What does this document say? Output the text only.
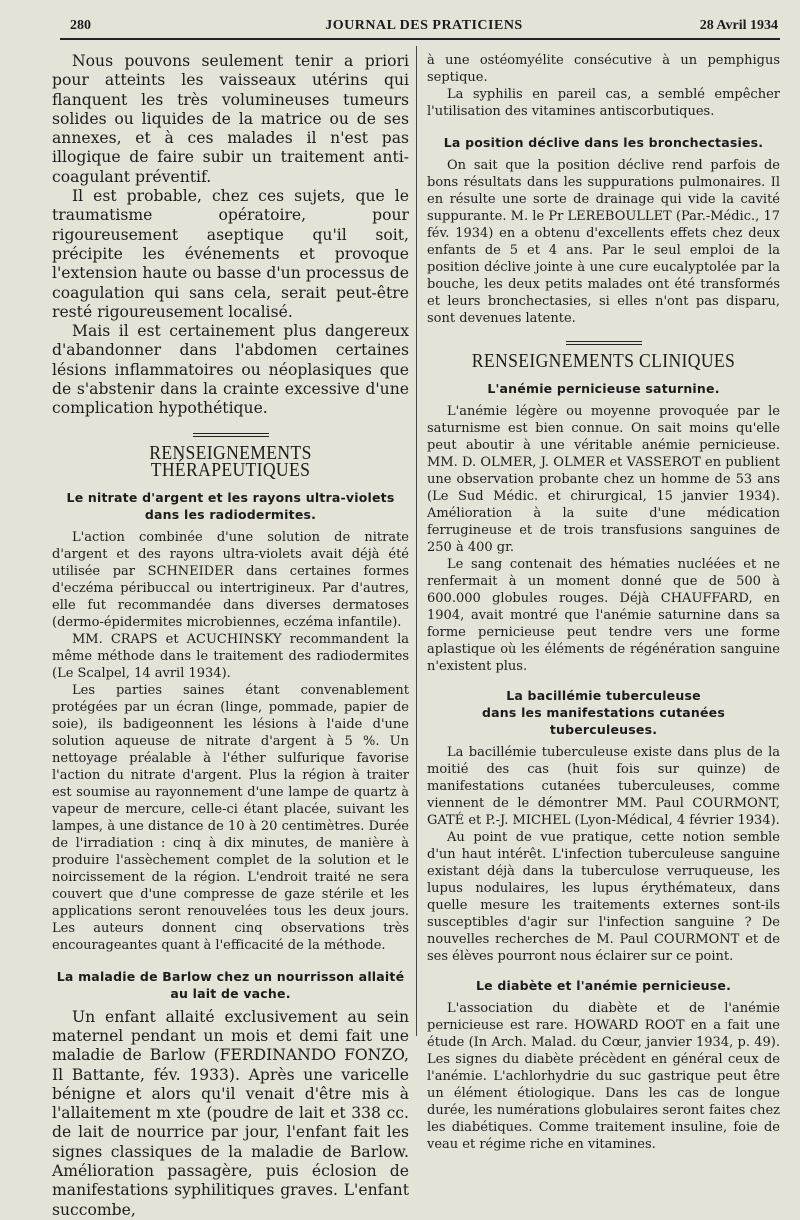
280	JOURNAL DES PRATICIENS	28 Avril 1934

Nous pouvons seulement tenir a priori pour atteints les vaisseaux utérins qui flanquent les très volumineuses tumeurs solides ou liquides de la matrice ou de ses annexes, et à ces malades il n'est pas illogique de faire subir un traitement anti-coagulant préventif.

Il est probable, chez ces sujets, que le traumatisme opératoire, pour rigoureusement aseptique qu'il soit, précipite les événements et provoque l'extension haute ou basse d'un processus de coagulation qui sans cela, serait peut-être resté rigoureusement localisé.

Mais il est certainement plus dangereux d'abandonner dans l'abdomen certaines lésions inflammatoires ou néoplasiques que de s'abstenir dans la crainte excessive d'une complication hypothétique.

RENSEIGNEMENTS THÉRAPEUTIQUES
Le nitrate d'argent et les rayons ultra-violets dans les radiodermites.

L'action combinée d'une solution de nitrate d'argent et des rayons ultra-violets avait déjà été utilisée par SCHNEIDER dans certaines formes d'eczéma péribuccal ou intertrigineux. Par d'autres, elle fut recommandée dans diverses dermatoses (dermo-épidermites microbiennes, eczéma infantile).

MM. CRAPS et ACUCHINSKY recommandent la même méthode dans le traitement des radiodermites (Le Scalpel, 14 avril 1934).

Les parties saines étant convenablement protégées par un écran (linge, pommade, papier de soie), ils badigeonnent les lésions à l'aide d'une solution aqueuse de nitrate d'argent à 5 %. Un nettoyage préalable à l'éther sulfurique favorise l'action du nitrate d'argent. Plus la région à traiter est soumise au rayonnement d'une lampe de quartz à vapeur de mercure, celle-ci étant placée, suivant les lampes, à une distance de 10 à 20 centimètres. Durée de l'irradiation : cinq à dix minutes, de manière à produire l'assèchement complet de la solution et le noircissement de la région. L'endroit traité ne sera couvert que d'une compresse de gaze stérile et les applications seront renouvelées tous les deux jours. Les auteurs donnent cinq observations très encourageantes quant à l'efficacité de la méthode.

La maladie de Barlow chez un nourrisson allaité au lait de vache.

Un enfant allaité exclusivement au sein maternel pendant un mois et demi fait une maladie de Barlow (FERDINANDO FONZO, Il Battante, fév. 1933). Après une varicelle bénigne et alors qu'il venait d'être mis à l'allaitement m xte (poudre de lait et 338 cc. de lait de nourrice par jour, l'enfant fait les signes classiques de la maladie de Barlow. Amélioration passagère, puis éclosion de manifestations syphilitiques graves. L'enfant succombe,

à une ostéomyélite consécutive à un pemphigus septique.

La syphilis en pareil cas, a semblé empêcher l'utilisation des vitamines antiscorbutiques.

La position déclive dans les bronchectasies.

On sait que la position déclive rend parfois de bons résultats dans les suppurations pulmonaires. Il en résulte une sorte de drainage qui vide la cavité suppurante. M. le Pr LEREBOULLET (Par.-Médic., 17 fév. 1934) en a obtenu d'excellents effets chez deux enfants de 5 et 4 ans. Par le seul emploi de la position déclive jointe à une cure eucalyptolée par la bouche, les deux petits malades ont été transformés et leurs bronchectasies, si elles n'ont pas disparu, sont devenues latente.

RENSEIGNEMENTS CLINIQUES
L'anémie pernicieuse saturnine.

L'anémie légère ou moyenne provoquée par le saturnisme est bien connue. On sait moins qu'elle peut aboutir à une véritable anémie pernicieuse. MM. D. OLMER, J. OLMER et VASSEROT en publient une observation probante chez un homme de 53 ans (Le Sud Médic. et chirurgical, 15 janvier 1934). Amélioration à la suite d'une médication ferrugineuse et de trois transfusions sanguines de 250 à 400 gr.

Le sang contenait des hématies nucléées et ne renfermait à un moment donné que de 500 à 600.000 globules rouges. Déjà CHAUFFARD, en 1904, avait montré que l'anémie saturnine dans sa forme pernicieuse peut tendre vers une forme aplastique où les éléments de régénération sanguine n'existent plus.

La bacillémie tuberculeuse
dans les manifestations cutanées tuberculeuses.

La bacillémie tuberculeuse existe dans plus de la moitié des cas (huit fois sur quinze) de manifestations cutanées tuberculeuses, comme viennent de le démontrer MM. Paul COURMONT, GATÉ et P.-J. MICHEL (Lyon-Médical, 4 février 1934).

Au point de vue pratique, cette notion semble d'un haut intérêt. L'infection tuberculeuse sanguine existant déjà dans la tuberculose verruqueuse, les lupus nodulaires, les lupus érythémateux, dans quelle mesure les traitements externes sont-ils susceptibles d'agir sur l'infection sanguine ? De nouvelles recherches de M. Paul COURMONT et de ses élèves pourront nous éclairer sur ce point.

Le diabète et l'anémie pernicieuse.

L'association du diabète et de l'anémie pernicieuse est rare. HOWARD ROOT en a fait une étude (In Arch. Malad. du Cœur, janvier 1934, p. 49). Les signes du diabète précèdent en général ceux de l'anémie. L'achlorhydrie du suc gastrique peut être un élément étiologique. Dans les cas de longue durée, les numérations globulaires seront faites chez les diabétiques. Comme traitement insuline, foie de veau et régime riche en vitamines.
